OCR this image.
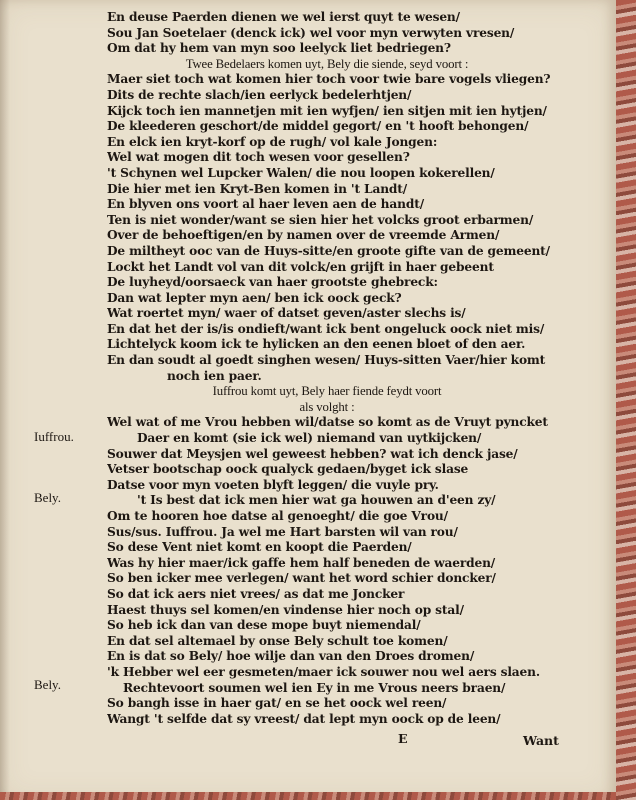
En deuse Paerden dienen we wel ierst quyt te wesen/
Sou Jan Soetelaer (denck ick) wel voor myn verwyten vresen/
Om dat hy hem van myn soo leelyck liet bedriegen?
Twee Bedelaers komen uyt, Bely die siende, seyd voort :
Maer siet toch wat komen hier toch voor twie bare vogels vliegen?
Dits de rechte slach/ien eerlyck bedelerhtjen/
Kijck toch ien mannetjen mit ien wyfjen/ ien sitjen mit ien hytjen/
De kleederen geschort/de middel gegort/ en 't hooft behongen/
En elck ien kryt-korf op de rugh/ vol kale Jongen:
Wel wat mogen dit toch wesen voor gesellen?
't Schynen wel Lupcker Walen/ die nou loopen kokerellen/
Die hier met ien Kryt-Ben komen in 't Landt/
En blyven ons voort al haer leven aen de handt/
Ten is niet wonder/want se sien hier het volcks groot erbarmen/
Over de behoeftigen/en by namen over de vreemde Armen/
De miltheyt ooc van de Huys-sitte/en groote gifte van de gemeent/
Lockt het Landt vol van dit volck/en grijft in haer gebeent
De luyheyd/oorsaeck van haer grootste ghebreck:
Dan wat lepter myn aen/ ben ick oock geck?
Wat roertet myn/ waer of datset geven/aster slechs is/
En dat het der is/is ondieft/want ick bent ongeluck oock niet mis/
Lichtelyck koom ick te hylicken an den eenen bloet of den aer.
En dan soudt al goedt singhen wesen/ Huys-sitten Vaer/hier komt
noch ien paer.
Iuffrou komt uyt, Bely haer fiende feydt voort
als volght :
Wel wat of me Vrou hebben wil/datse so komt as de Vruyt pyncket
Daer en komt (sie ick wel) niemand van uytkijcken/
Souwer dat Meysjen wel geweest hebben? wat ich denck jase/
Vetser bootschap oock qualyck gedaen/byget ick slase
Datse voor myn voeten blyft leggen/ die vuyle pry.
't Is best dat ick men hier wat ga houwen an d'een zy/
Om te hooren hoe datse al genoeght/ die goe Vrou/
Sus/sus. Iuffrou. Ja wel me Hart barsten wil van rou/
So dese Vent niet komt en koopt die Paerden/
Was hy hier maer/ick gaffe hem half beneden de waerden/
So ben icker mee verlegen/ want het word schier doncker/
So dat ick aers niet vrees/ as dat me Joncker
Haest thuys sel komen/en vindense hier noch op stal/
So heb ick dan van dese mope buyt niemendal/
En dat sel altemael by onse Bely schult toe komen/
En is dat so Bely/ hoe wilje dan van den Droes dromen/
'k Hebber wel eer gesmeten/maer ick souwer nou wel aers slaen.
Rechtevoort soumen wel ien Ey in me Vrous neers braen/
So bangh isse in haer gat/ en se het oock wel reen/
Wangt 't selfde dat sy vreest/ dat lept myn oock op de leen/
Iuffrou.
Bely.
Bely.
E	Want
